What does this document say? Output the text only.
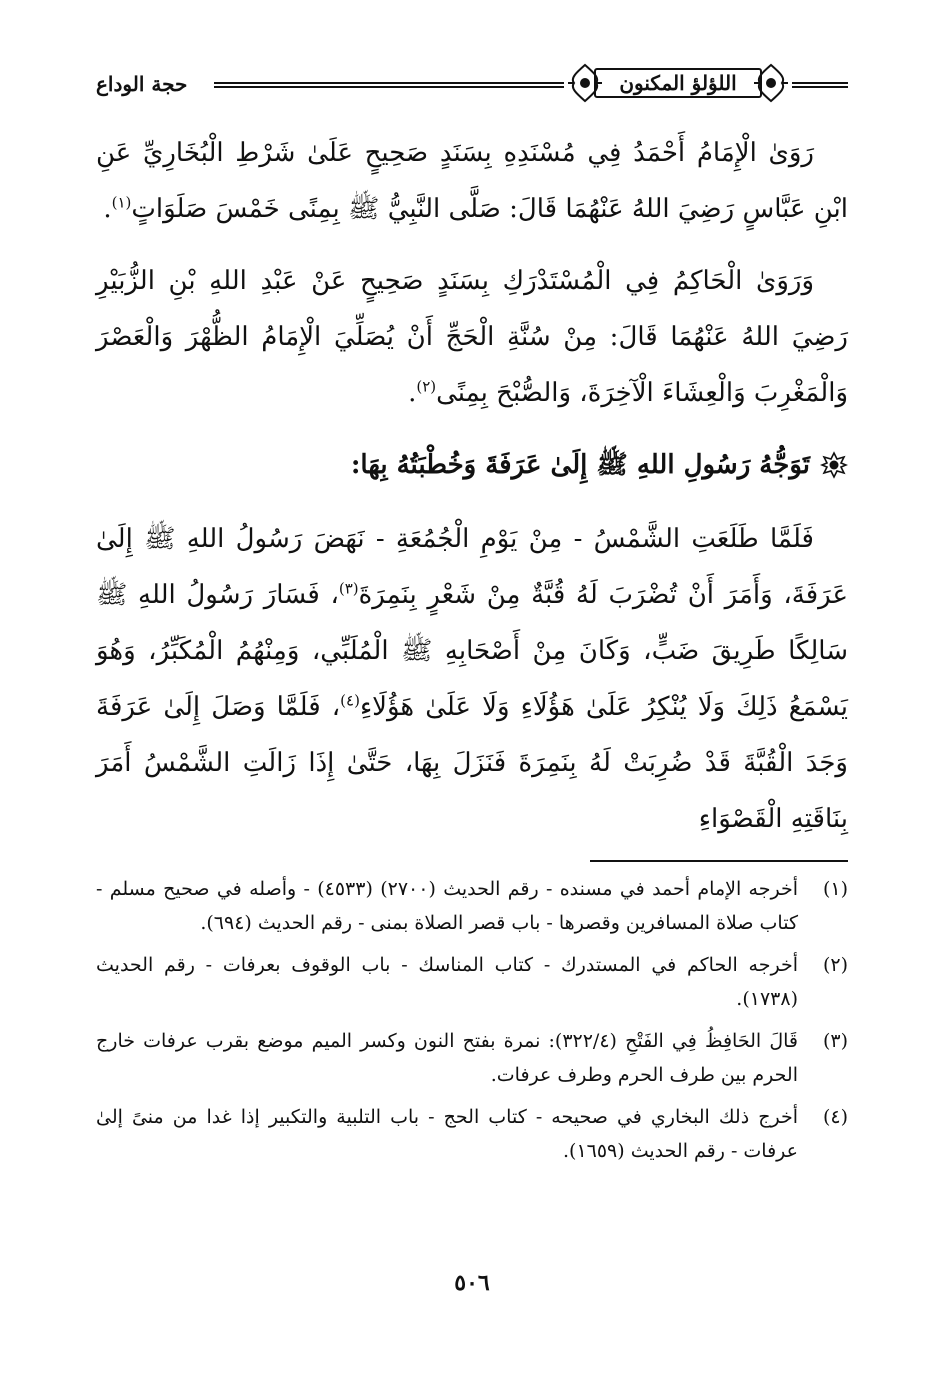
اللؤلؤ المكنون
حجة الوداع

رَوَىٰ الْإِمَامُ أَحْمَدُ فِي مُسْنَدِهِ بِسَنَدٍ صَحِيحٍ عَلَىٰ شَرْطِ الْبُخَارِيِّ عَنِ ابْنِ عَبَّاسٍ رَضِيَ اللهُ عَنْهُمَا قَالَ: صَلَّى النَّبِيُّ ﷺ بِمِنًى خَمْسَ صَلَوَاتٍ$^{(١)}$.

وَرَوَىٰ الْحَاكِمُ فِي الْمُسْتَدْرَكِ بِسَنَدٍ صَحِيحٍ عَنْ عَبْدِ اللهِ بْنِ الزُّبَيْرِ رَضِيَ اللهُ عَنْهُمَا قَالَ: مِنْ سُنَّةِ الْحَجِّ أَنْ يُصَلِّيَ الْإِمَامُ الظُّهْرَ وَالْعَصْرَ وَالْمَغْرِبَ وَالْعِشَاءَ الْآخِرَةَ، وَالصُّبْحَ بِمِنًى$^{(٢)}$.

تَوَجُّهُ رَسُولِ اللهِ ﷺ إِلَىٰ عَرَفَةَ وَخُطْبَتُهُ بِهَا:

فَلَمَّا طَلَعَتِ الشَّمْسُ - مِنْ يَوْمِ الْجُمُعَةِ - نَهَضَ رَسُولُ اللهِ ﷺ إِلَىٰ عَرَفَةَ، وَأَمَرَ أَنْ تُضْرَبَ لَهُ قُبَّةٌ مِنْ شَعْرٍ بِنَمِرَةَ$^{(٣)}$، فَسَارَ رَسُولُ اللهِ ﷺ سَالِكًا طَرِيقَ ضَبٍّ، وَكَانَ مِنْ أَصْحَابِهِ ﷺ الْمُلَبِّي، وَمِنْهُمُ الْمُكَبِّرُ، وَهُوَ يَسْمَعُ ذَلِكَ وَلَا يُنْكِرُ عَلَىٰ هَؤُلَاءِ وَلَا عَلَىٰ هَؤُلَاءِ$^{(٤)}$، فَلَمَّا وَصَلَ إِلَىٰ عَرَفَةَ وَجَدَ الْقُبَّةَ قَدْ ضُرِبَتْ لَهُ بِنَمِرَةَ فَنَزَلَ بِهَا، حَتَّىٰ إِذَا زَالَتِ الشَّمْسُ أَمَرَ بِنَاقَتِهِ الْقَصْوَاءِ

(١)
أخرجه الإمام أحمد في مسنده - رقم الحديث (٢٧٠٠) (٤٥٣٣) - وأصله في صحيح مسلم - كتاب صلاة المسافرين وقصرها - باب قصر الصلاة بمنى - رقم الحديث (٦٩٤).
(٢)
أخرجه الحاكم في المستدرك - كتاب المناسك - باب الوقوف بعرفات - رقم الحديث (١٧٣٨).
(٣)
قَالَ الحَافِظُ فِي الفَتْحِ (٣٢٢/٤): نمرة بفتح النون وكسر الميم موضع بقرب عرفات خارج الحرم بين طرف الحرم وطرف عرفات.
(٤)
أخرج ذلك البخاري في صحيحه - كتاب الحج - باب التلبية والتكبير إذا غدا من منىً إلىٰ عرفات - رقم الحديث (١٦٥٩).
٥٠٦
